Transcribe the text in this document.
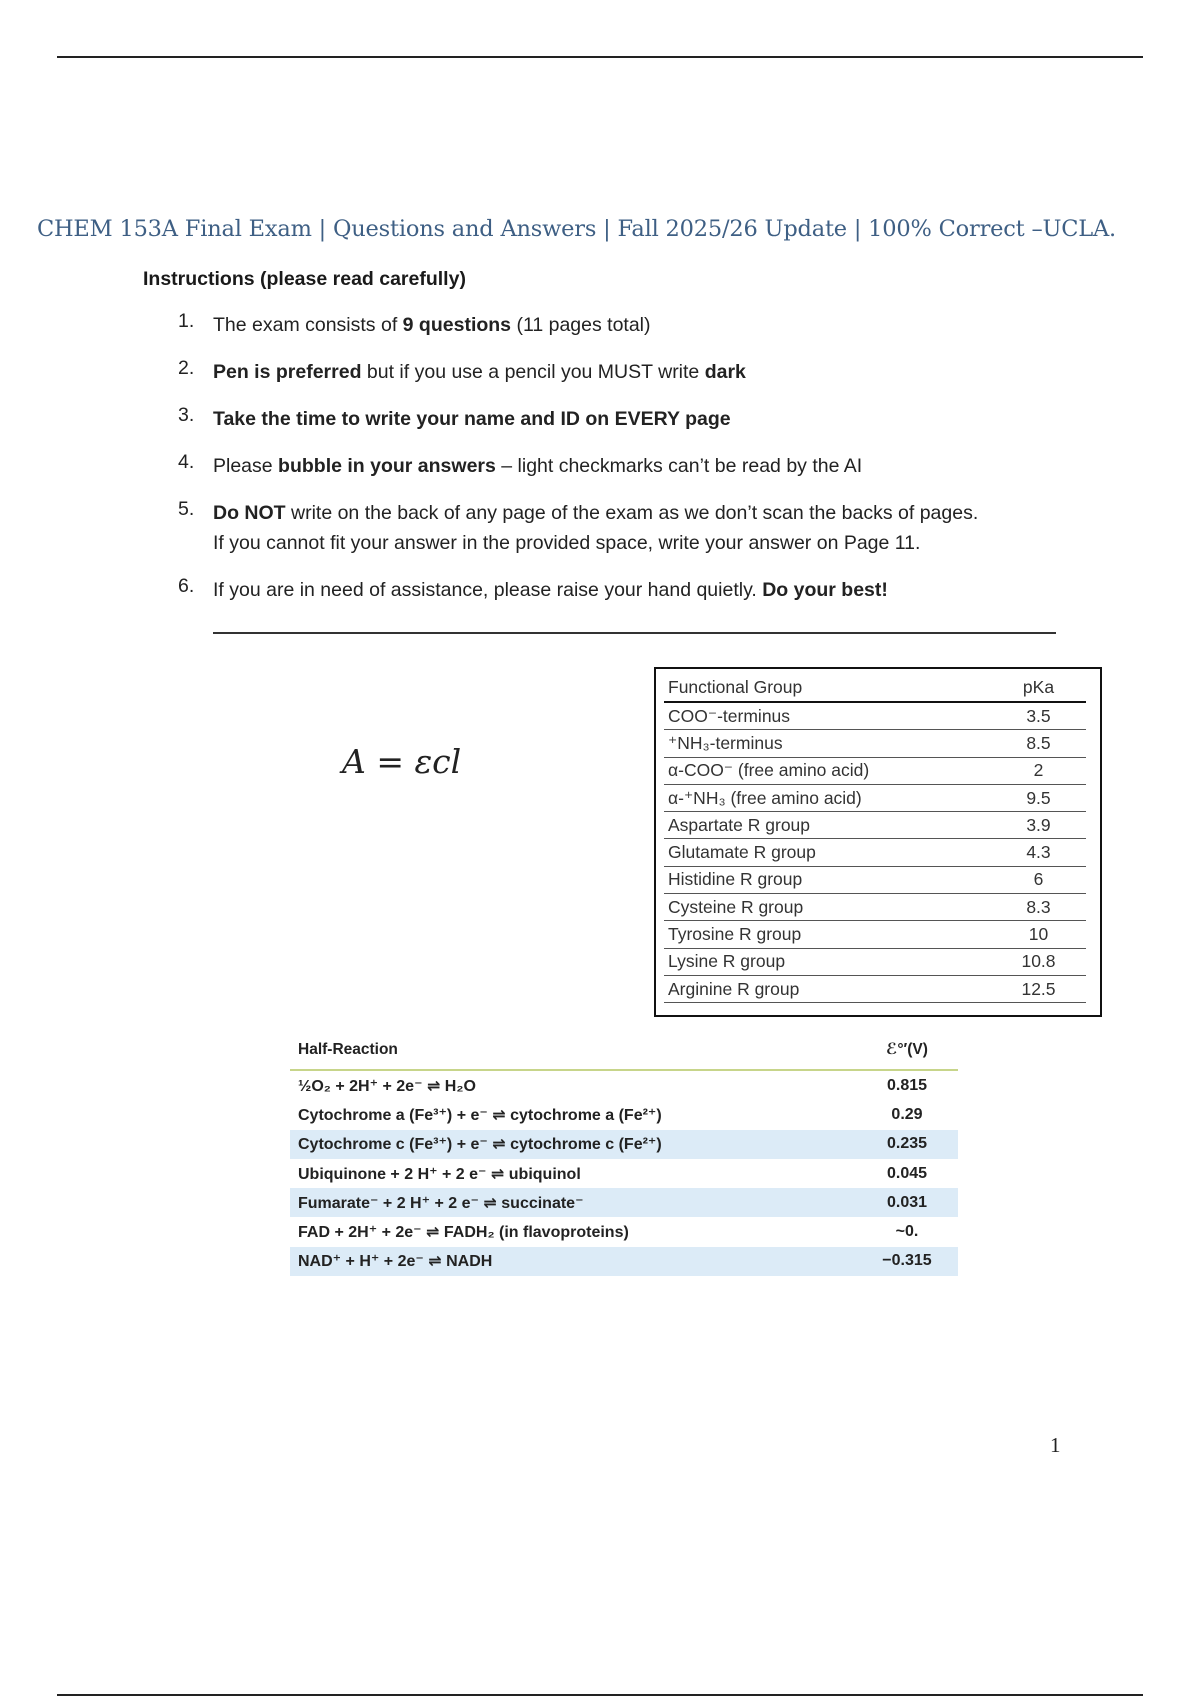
CHEM 153A Final Exam | Questions and Answers | Fall 2025/26 Update | 100% Correct –UCLA.
Instructions (please read carefully)
1. The exam consists of 9 questions (11 pages total)
2. Pen is preferred but if you use a pencil you MUST write dark
3. Take the time to write your name and ID on EVERY page
4. Please bubble in your answers – light checkmarks can’t be read by the AI
5. Do NOT write on the back of any page of the exam as we don’t scan the backs of pages.
If you cannot fit your answer in the provided space, write your answer on Page 11.
6. If you are in need of assistance, please raise your hand quietly. Do your best!
A = εcl
Functional Group	pKa
COO⁻-terminus	3.5
⁺NH₃-terminus	8.5
α-COO⁻ (free amino acid)	2
α-⁺NH₃ (free amino acid)	9.5
Aspartate R group	3.9
Glutamate R group	4.3
Histidine R group	6
Cysteine R group	8.3
Tyrosine R group	10
Lysine R group	10.8
Arginine R group	12.5
Half-Reaction	ℰ°′(V)
½O₂ + 2H⁺ + 2e⁻ ⇌ H₂O	0.815
Cytochrome a (Fe³⁺) + e⁻ ⇌ cytochrome a (Fe²⁺)	0.29
Cytochrome c (Fe³⁺) + e⁻ ⇌ cytochrome c (Fe²⁺)	0.235
Ubiquinone + 2 H⁺ + 2 e⁻ ⇌ ubiquinol	0.045
Fumarate⁻ + 2 H⁺ + 2 e⁻ ⇌ succinate⁻	0.031
FAD + 2H⁺ + 2e⁻ ⇌ FADH₂ (in flavoproteins)	~0.
NAD⁺ + H⁺ + 2e⁻ ⇌ NADH	−0.315
1
